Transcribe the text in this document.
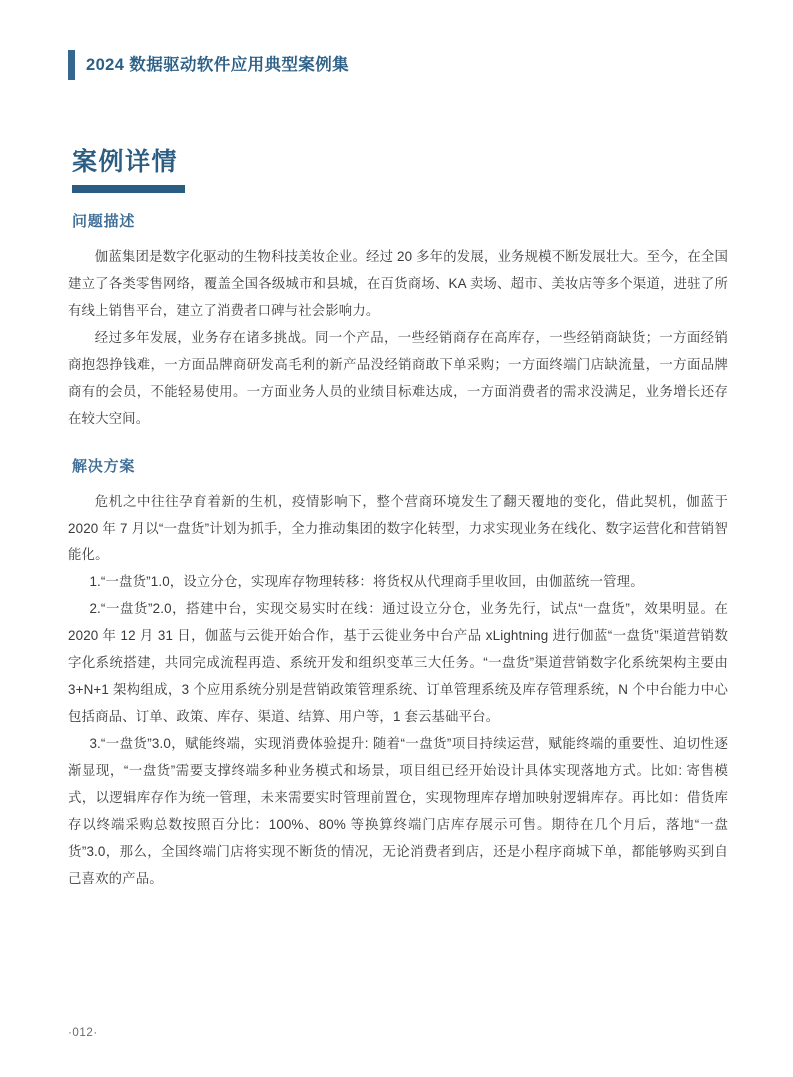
2024 数据驱动软件应用典型案例集
案例详情
问题描述

伽蓝集团是数字化驱动的生物科技美妆企业。经过 20 多年的发展，业务规模不断发展壮大。至今，在全国建立了各类零售网络，覆盖全国各级城市和县城，在百货商场、KA 卖场、超市、美妆店等多个渠道，进驻了所有线上销售平台，建立了消费者口碑与社会影响力。

经过多年发展，业务存在诸多挑战。同一个产品，一些经销商存在高库存，一些经销商缺货；一方面经销商抱怨挣钱难，一方面品牌商研发高毛利的新产品没经销商敢下单采购；一方面终端门店缺流量，一方面品牌商有的会员，不能轻易使用。一方面业务人员的业绩目标难达成，一方面消费者的需求没满足，业务增长还存在较大空间。

解决方案

危机之中往往孕育着新的生机，疫情影响下，整个营商环境发生了翻天覆地的变化，借此契机，伽蓝于 2020 年 7 月以“一盘货”计划为抓手，全力推动集团的数字化转型，力求实现业务在线化、数字运营化和营销智能化。

1.“一盘货”1.0，设立分仓，实现库存物理转移：将货权从代理商手里收回，由伽蓝统一管理。

2.“一盘货”2.0，搭建中台，实现交易实时在线：通过设立分仓，业务先行，试点“一盘货”，效果明显。在 2020 年 12 月 31 日，伽蓝与云徙开始合作，基于云徙业务中台产品 xLightning 进行伽蓝“一盘货”渠道营销数字化系统搭建，共同完成流程再造、系统开发和组织变革三大任务。“一盘货”渠道营销数字化系统架构主要由 3+N+1 架构组成，3 个应用系统分别是营销政策管理系统、订单管理系统及库存管理系统，N 个中台能力中心包括商品、订单、政策、库存、渠道、结算、用户等，1 套云基础平台。

3.“一盘货”3.0，赋能终端，实现消费体验提升: 随着“一盘货”项目持续运营，赋能终端的重要性、迫切性逐渐显现，“一盘货”需要支撑终端多种业务模式和场景，项目组已经开始设计具体实现落地方式。比如: 寄售模式，以逻辑库存作为统一管理，未来需要实时管理前置仓，实现物理库存增加映射逻辑库存。再比如：借货库存以终端采购总数按照百分比：100%、80% 等换算终端门店库存展示可售。期待在几个月后，落地“一盘货”3.0，那么，全国终端门店将实现不断货的情况，无论消费者到店，还是小程序商城下单，都能够购买到自己喜欢的产品。

·012·
